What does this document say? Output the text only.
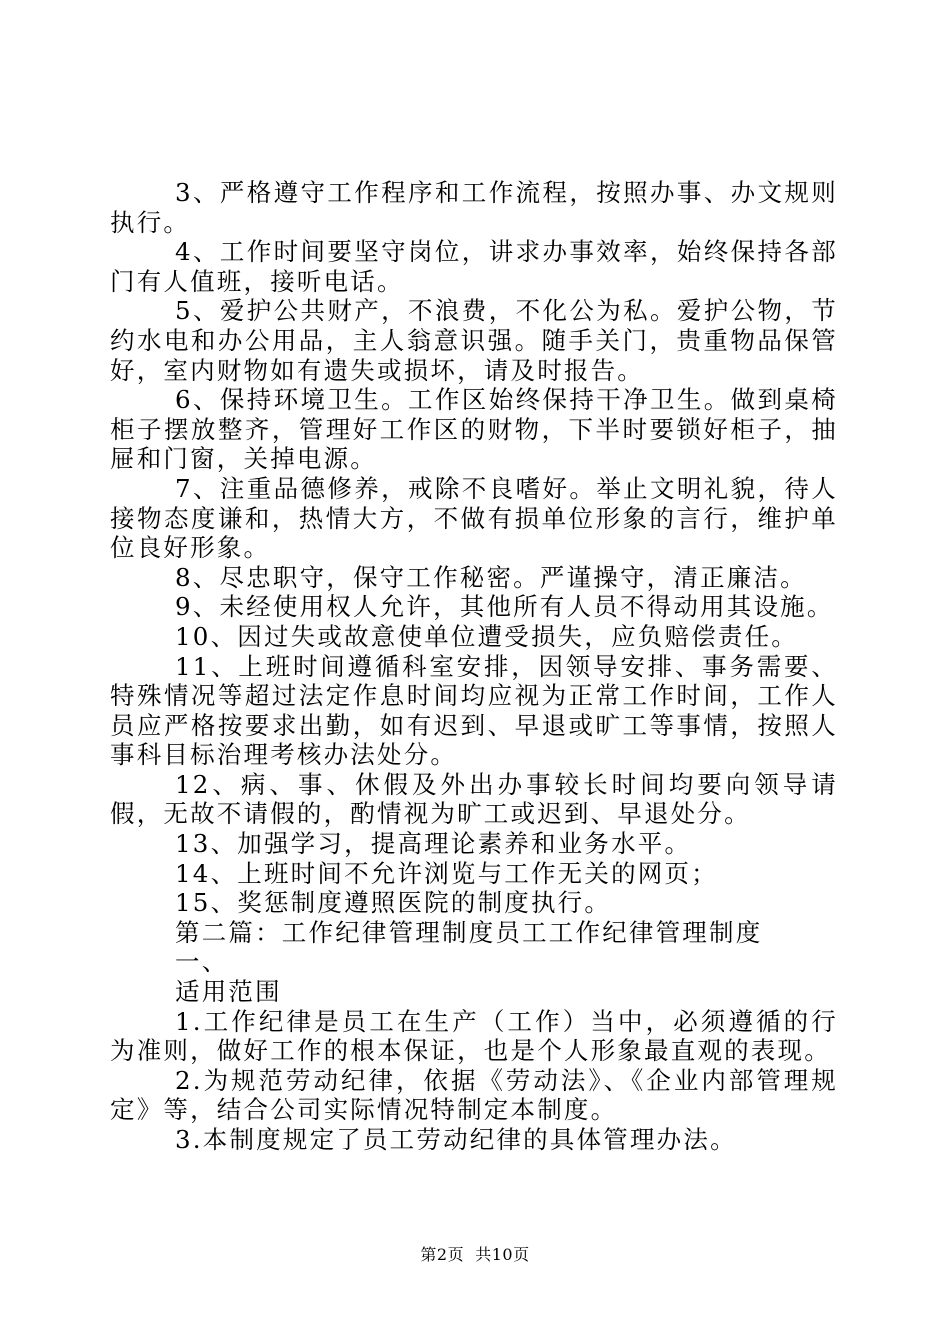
3、严格遵守工作程序和工作流程，按照办事、办文规则执行。

4、工作时间要坚守岗位，讲求办事效率，始终保持各部门有人值班，接听电话。

5、爱护公共财产，不浪费，不化公为私。爱护公物，节约水电和办公用品，主人翁意识强。随手关门，贵重物品保管好，室内财物如有遗失或损坏，请及时报告。

6、保持环境卫生。工作区始终保持干净卫生。做到桌椅柜子摆放整齐，管理好工作区的财物，下半时要锁好柜子，抽屉和门窗，关掉电源。

7、注重品德修养，戒除不良嗜好。举止文明礼貌，待人接物态度谦和，热情大方，不做有损单位形象的言行，维护单位良好形象。

8、尽忠职守，保守工作秘密。严谨操守，清正廉洁。

9、未经使用权人允许，其他所有人员不得动用其设施。

10、因过失或故意使单位遭受损失，应负赔偿责任。

11、上班时间遵循科室安排，因领导安排、事务需要、特殊情况等超过法定作息时间均应视为正常工作时间，工作人员应严格按要求出勤，如有迟到、早退或旷工等事情，按照人事科目标治理考核办法处分。

12、病、事、休假及外出办事较长时间均要向领导请假，无故不请假的，酌情视为旷工或迟到、早退处分。

13、加强学习，提高理论素养和业务水平。

14、上班时间不允许浏览与工作无关的网页；

15、奖惩制度遵照医院的制度执行。

第二篇：工作纪律管理制度员工工作纪律管理制度

一、

适用范围

1.工作纪律是员工在生产（工作）当中，必须遵循的行为准则，做好工作的根本保证，也是个人形象最直观的表现。

2.为规范劳动纪律，依据《劳动法》、《企业内部管理规定》等，结合公司实际情况特制定本制度。

3.本制度规定了员工劳动纪律的具体管理办法。

第2页  共10页
